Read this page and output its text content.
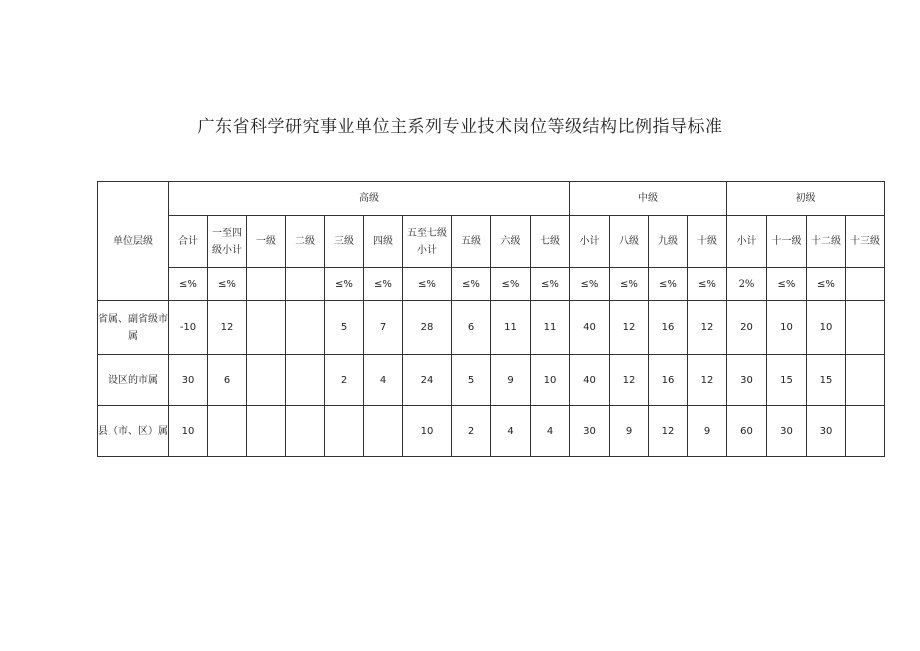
广东省科学研究事业单位主系列专业技术岗位等级结构比例指导标准
单位层级	高级										中级				初级			
	合计	一至四级小计	一级	二级	三级	四级	五至七级小计	五级	六级	七级	小计	八级	九级	十级	小计	十一级	十二级	十三级
	≤%	≤%			≤%	≤%	≤%	≤%	≤%	≤%	≤%	≤%	≤%	≤%	2%	≤%	≤%	
省属、副省级市属	-10	12			5	7	28	6	11	11	40	12	16	12	20	10	10	
设区的市属	30	6			2	4	24	5	9	10	40	12	16	12	30	15	15	
县（市、区）属	10						10	2	4	4	30	9	12	9	60	30	30	
